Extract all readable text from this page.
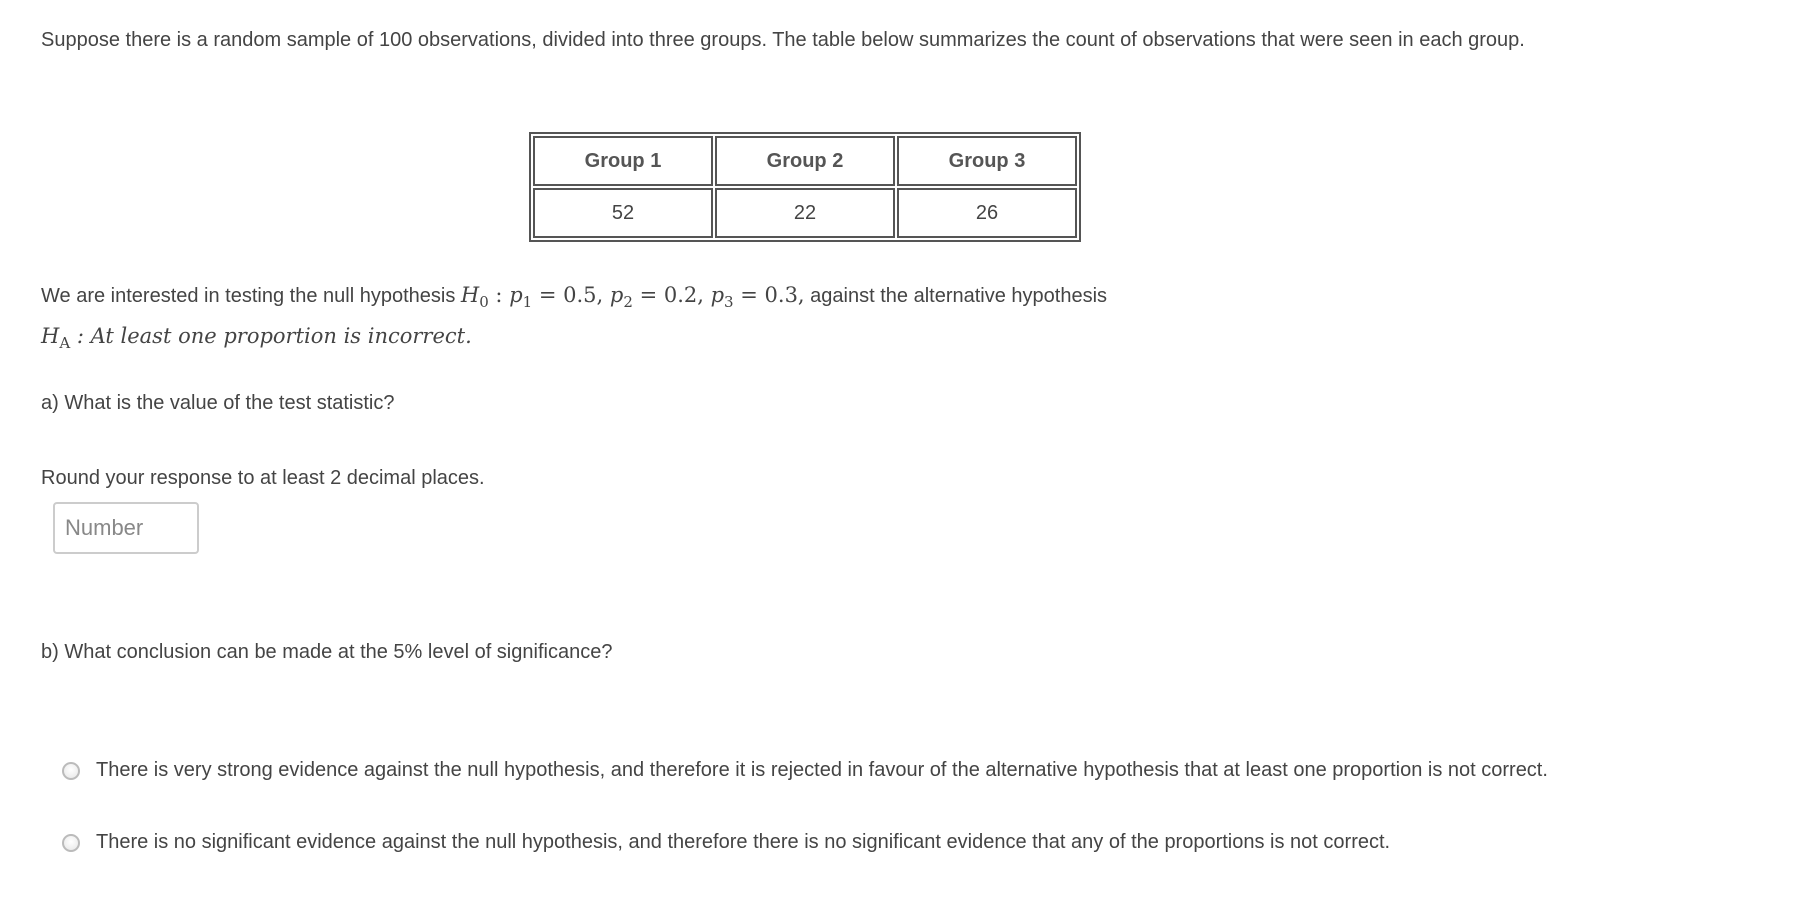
Suppose there is a random sample of 100 observations, divided into three groups. The table below summarizes the count of observations that were seen in each group.

Group 1	Group 2	Group 3
52	22	26

We are interested in testing the null hypothesis $H_0$ : $p_1 = 0.5$, $p_2 = 0.2$, $p_3 = 0.3$, against the alternative hypothesis
$H_A$ : At least one proportion is incorrect.

a) What is the value of the test statistic?

Round your response to at least 2 decimal places.

Number

b) What conclusion can be made at the 5% level of significance?

There is very strong evidence against the null hypothesis, and therefore it is rejected in favour of the alternative hypothesis that at least one proportion is not correct.
There is no significant evidence against the null hypothesis, and therefore there is no significant evidence that any of the proportions is not correct.
